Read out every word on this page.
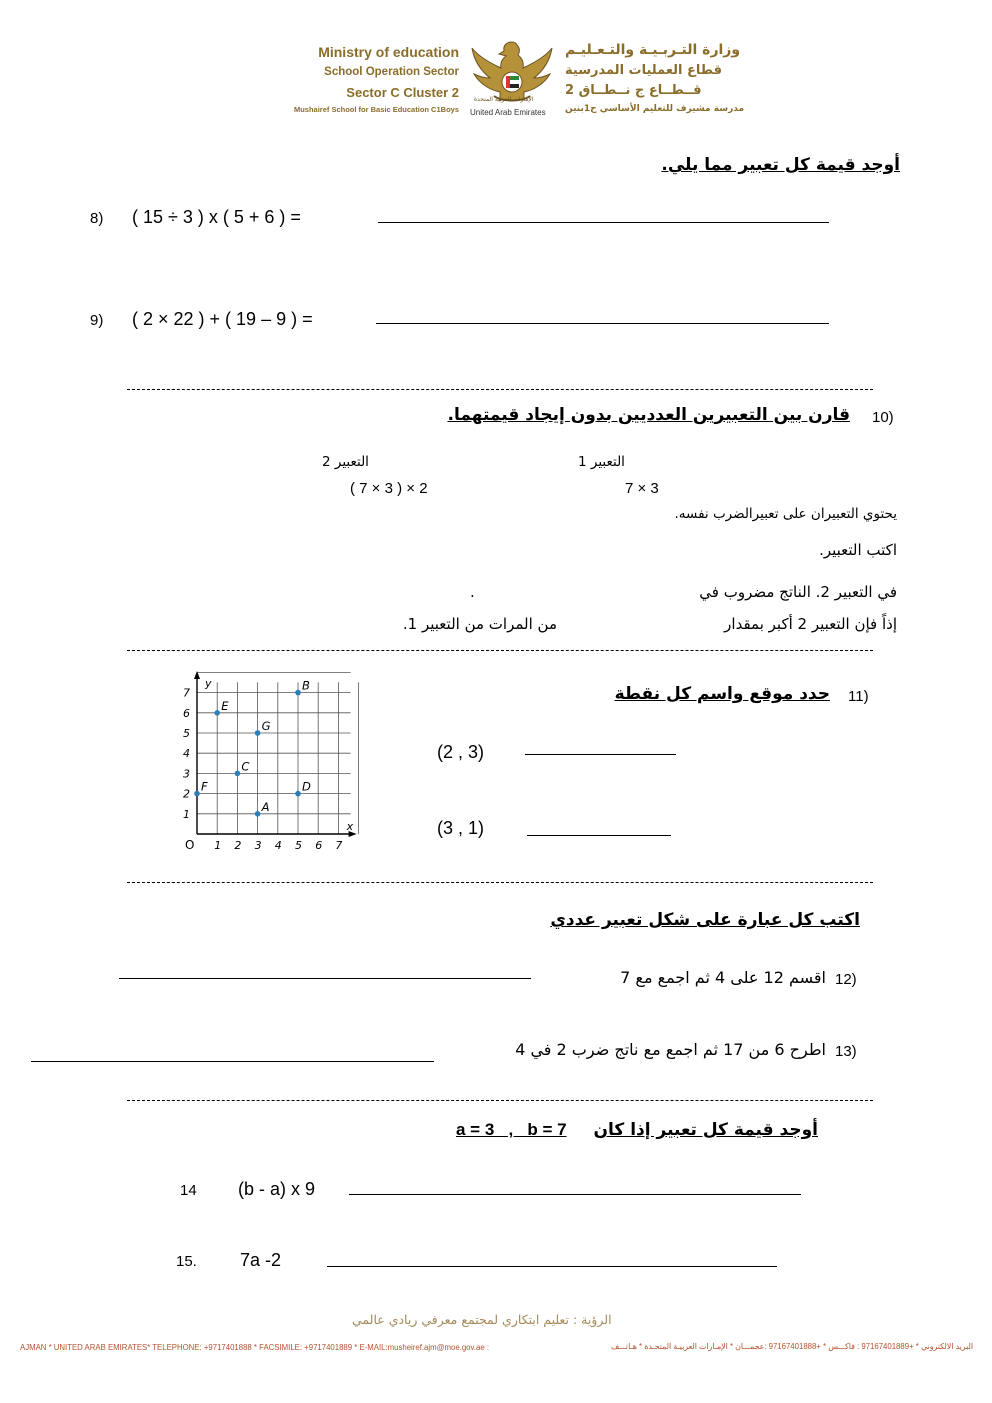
Ministry of education
School Operation Sector
Sector C Cluster 2
Mushairef School for Basic Education C1Boys
الإمارات العربية المتحدة
United Arab Emirates
وزارة التـربـيـة والتـعـليـم
قطاع العمليات المدرسية
قــطــاع ج نــطــاق 2
مدرسة مشيرف للتعليم الأساسي ح1بنين
أوجد قيمة كل تعبير مما يلي.
8) ( 15 ÷ 3 ) x ( 5 + 6 ) =
9) ( 2 × 22 ) + ( 19 – 9 ) =
10)
قارن بين التعبيرين العدديين بدون إيجاد قيمتهما.
التعبير 2
( 7 × 3 ) × 2
التعبير 1
7 × 3
يحتوي التعبيران على تعبيرالضرب نفسه.
اكتب التعبير.
في التعبير 2. الناتج مضروب في
.
إذاً فإن التعبير 2 أكبر بمقدار
من المرات من التعبير 1.
11)
حدد موقع واسم كل نقطة
y
x
O 1 2 3 4 5 6 7
1
2
3
4
5
6
7
A
B
C
D
E
F
G
(2 , 3)
(3 , 1)
اكتب كل عبارة على شكل تعبير عددي
12)
اقسم 12 على 4 ثم اجمع مع 7
13)
اطرح 6 من 17 ثم اجمع مع ناتج ضرب 2 في 4
أوجد قيمة كل تعبير إذا كان
a = 3   ,   b = 7
14 (b - a) x 9
15. 7a -2
الرؤية : تعليم ابتكاري لمجتمع معرفي ريادي عالمي
AJMAN * UNITED ARAB EMIRATES* TELEPHONE: +9717401888 * FACSIMILE: +9717401889 * E-MAIL:musheiref.ajm@moe.gov.ae :	البريد الالكتروني * +97167401889 : فاكـــس * +97167401888 :عجمـــان * الإمـارات العربيـة المتحـدة * هـاتـــف
